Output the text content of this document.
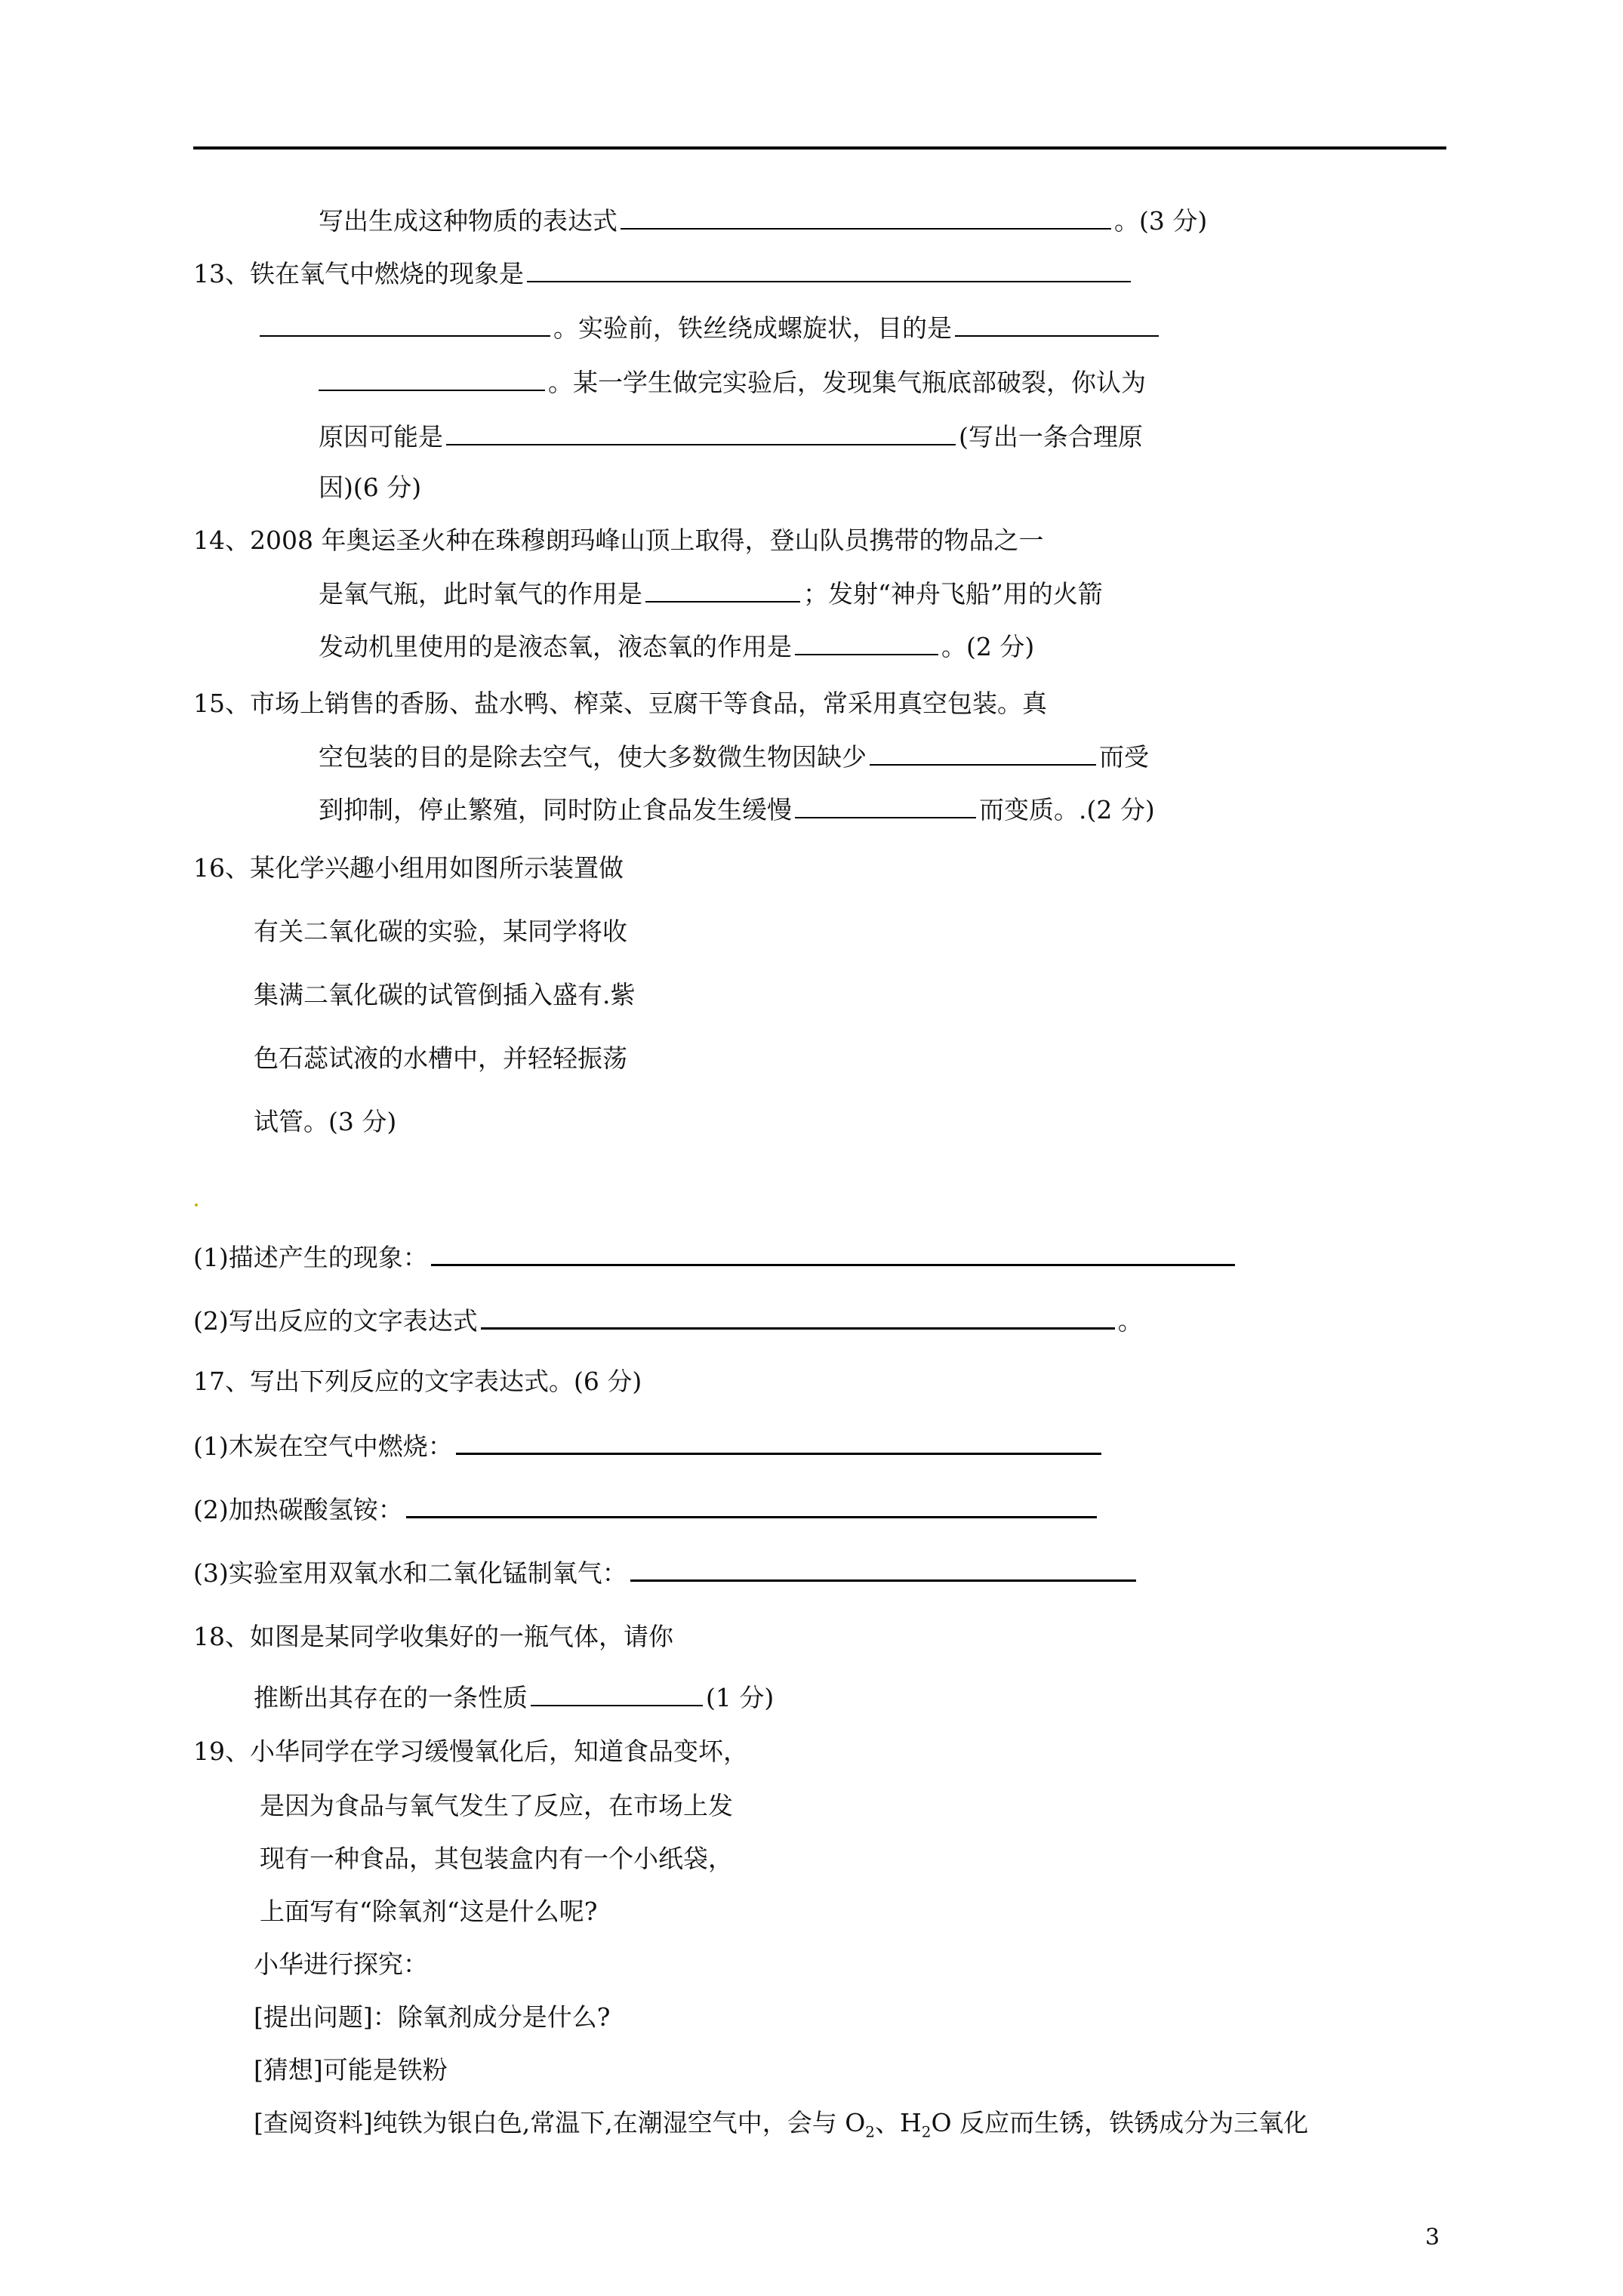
写出生成这种物质的表达式	。(3 分)
13、铁在氧气中燃烧的现象是
。实验前，铁丝绕成螺旋状，目的是
。某一学生做完实验后，发现集气瓶底部破裂，你认为
原因可能是	(写出一条合理原
因)(6 分)
14、2008 年奥运圣火种在珠穆朗玛峰山顶上取得，登山队员携带的物品之一
是氧气瓶，此时氧气的作用是	；发射“神舟飞船”用的火箭
发动机里使用的是液态氧，液态氧的作用是	。(2 分)
15、市场上销售的香肠、盐水鸭、榨菜、豆腐干等食品，常采用真空包装。真
空包装的目的是除去空气，使大多数微生物因缺少	而受
到抑制，停止繁殖，同时防止食品发生缓慢	而变质。.(2 分)
16、某化学兴趣小组用如图所示装置做
有关二氧化碳的实验，某同学将收
集满二氧化碳的试管倒插入盛有.紫
色石蕊试液的水槽中，并轻轻振荡
试管。(3 分)
(1)描述产生的现象：
(2)写出反应的文字表达式	。
17、写出下列反应的文字表达式。(6 分)
(1)木炭在空气中燃烧：
(2)加热碳酸氢铵：
(3)实验室用双氧水和二氧化锰制氧气：
18、如图是某同学收集好的一瓶气体，请你
推断出其存在的一条性质	(1 分)
19、小华同学在学习缓慢氧化后，知道食品变坏，
是因为食品与氧气发生了反应，在市场上发
现有一种食品，其包装盒内有一个小纸袋，
上面写有“除氧剂“这是什么呢?
小华进行探究：
[提出问题]：除氧剂成分是什么?
[猜想]可能是铁粉
[查阅资料]纯铁为银白色,常温下,在潮湿空气中，会与 $O_2$、$H_2O$ 反应而生锈，铁锈成分为三氧化
3
